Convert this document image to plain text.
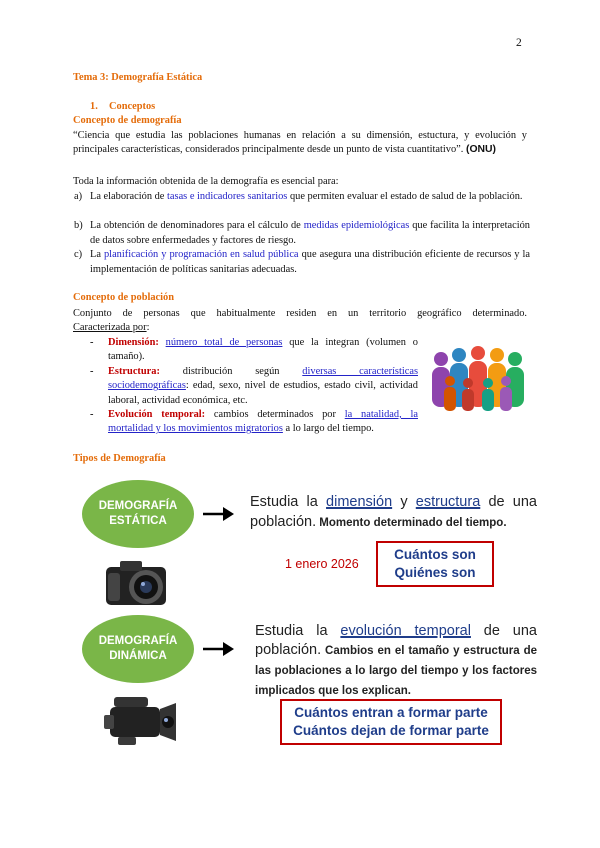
2
Tema 3: Demografía Estática
1. Conceptos
Concepto de demografía
“Ciencia que estudia las poblaciones humanas en relación a su dimensión, estuctura, y evolución y principales características, considerados principalmente desde un punto de vista cuantitativo”. (ONU)
Toda la información obtenida de la demografía es esencial para:
a) La elaboración de tasas e indicadores sanitarios que permiten evaluar el estado de salud de la población.
b) La obtención de denominadores para el cálculo de medidas epidemiológicas que facilita la interpretación de datos sobre enfermedades y factores de riesgo.
c) La planificación y programación en salud pública que asegura una distribución eficiente de recursos y la implementación de políticas sanitarias adecuadas.
Concepto de población
Conjunto de personas que habitualmente residen en un territorio geográfico determinado.
Caracterizada por:
- Dimensión: número total de personas que la integran (volumen o tamaño).
- Estructura: distribución según diversas características sociodemográficas: edad, sexo, nivel de estudios, estado civil, actividad laboral, actividad económica, etc.
- Evolución temporal: cambios determinados por la natalidad, la mortalidad y los movimientos migratorios a lo largo del tiempo.
Tipos de Demografía
DEMOGRAFÍA
ESTÁTICA
Estudia la dimensión y estructura de una población. Momento determinado del tiempo.
1 enero 2026
Cuántos son
Quiénes son
DEMOGRAFÍA
DINÁMICA
Estudia la evolución temporal de una población. Cambios en el tamaño y estructura de las poblaciones a lo largo del tiempo y los factores implicados que los explican.
Cuántos entran a formar parte
Cuántos dejan de formar parte
